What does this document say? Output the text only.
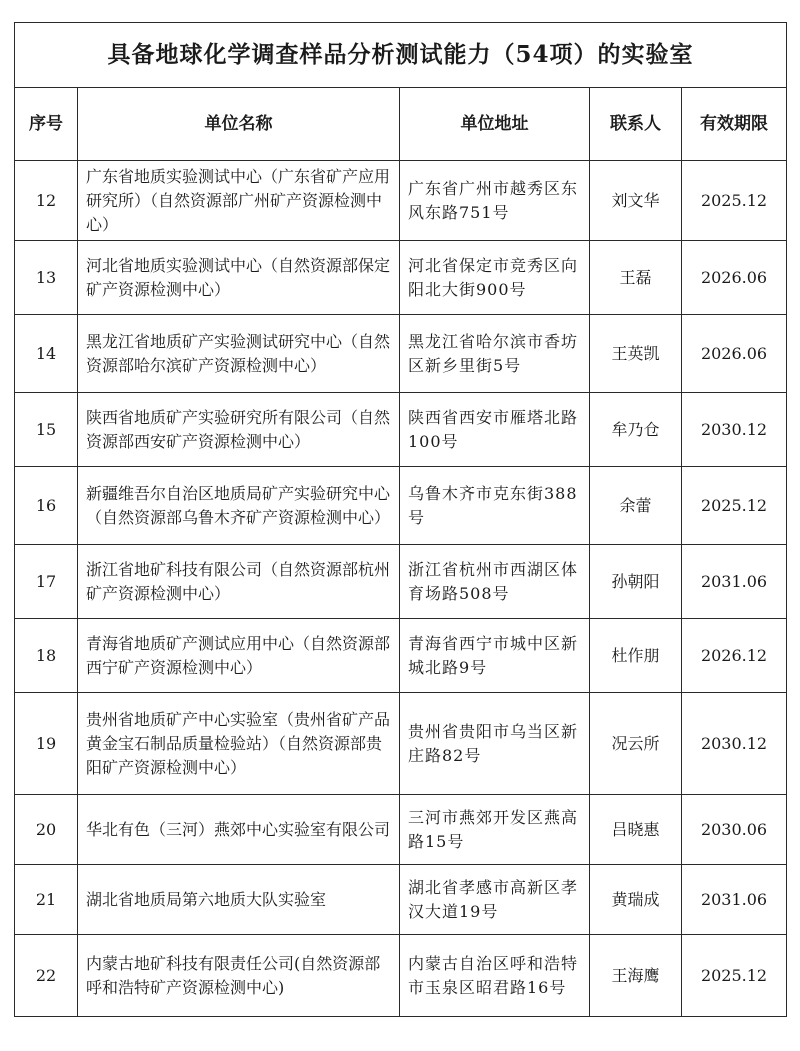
具备地球化学调查样品分析测试能力（54项）的实验室				
序号	单位名称	单位地址	联系人	有效期限
12	广东省地质实验测试中心（广东省矿产应用研究所）（自然资源部广州矿产资源检测中心）	广东省广州市越秀区东风东路751号	刘文华	2025.12
13	河北省地质实验测试中心（自然资源部保定矿产资源检测中心）	河北省保定市竞秀区向阳北大街900号	王磊	2026.06
14	黑龙江省地质矿产实验测试研究中心（自然资源部哈尔滨矿产资源检测中心）	黑龙江省哈尔滨市香坊区新乡里街5号	王英凯	2026.06
15	陕西省地质矿产实验研究所有限公司（自然资源部西安矿产资源检测中心）	陕西省西安市雁塔北路100号	牟乃仓	2030.12
16	新疆维吾尔自治区地质局矿产实验研究中心（自然资源部乌鲁木齐矿产资源检测中心）	乌鲁木齐市克东街388号	余蕾	2025.12
17	浙江省地矿科技有限公司（自然资源部杭州矿产资源检测中心）	浙江省杭州市西湖区体育场路508号	孙朝阳	2031.06
18	青海省地质矿产测试应用中心（自然资源部西宁矿产资源检测中心）	青海省西宁市城中区新城北路9号	杜作朋	2026.12
19	贵州省地质矿产中心实验室（贵州省矿产品黄金宝石制品质量检验站）（自然资源部贵阳矿产资源检测中心）	贵州省贵阳市乌当区新庄路82号	况云所	2030.12
20	华北有色（三河）燕郊中心实验室有限公司	三河市燕郊开发区燕高路15号	吕晓惠	2030.06
21	湖北省地质局第六地质大队实验室	湖北省孝感市高新区孝汉大道19号	黄瑞成	2031.06
22	内蒙古地矿科技有限责任公司(自然资源部呼和浩特矿产资源检测中心)	内蒙古自治区呼和浩特市玉泉区昭君路16号	王海鹰	2025.12
